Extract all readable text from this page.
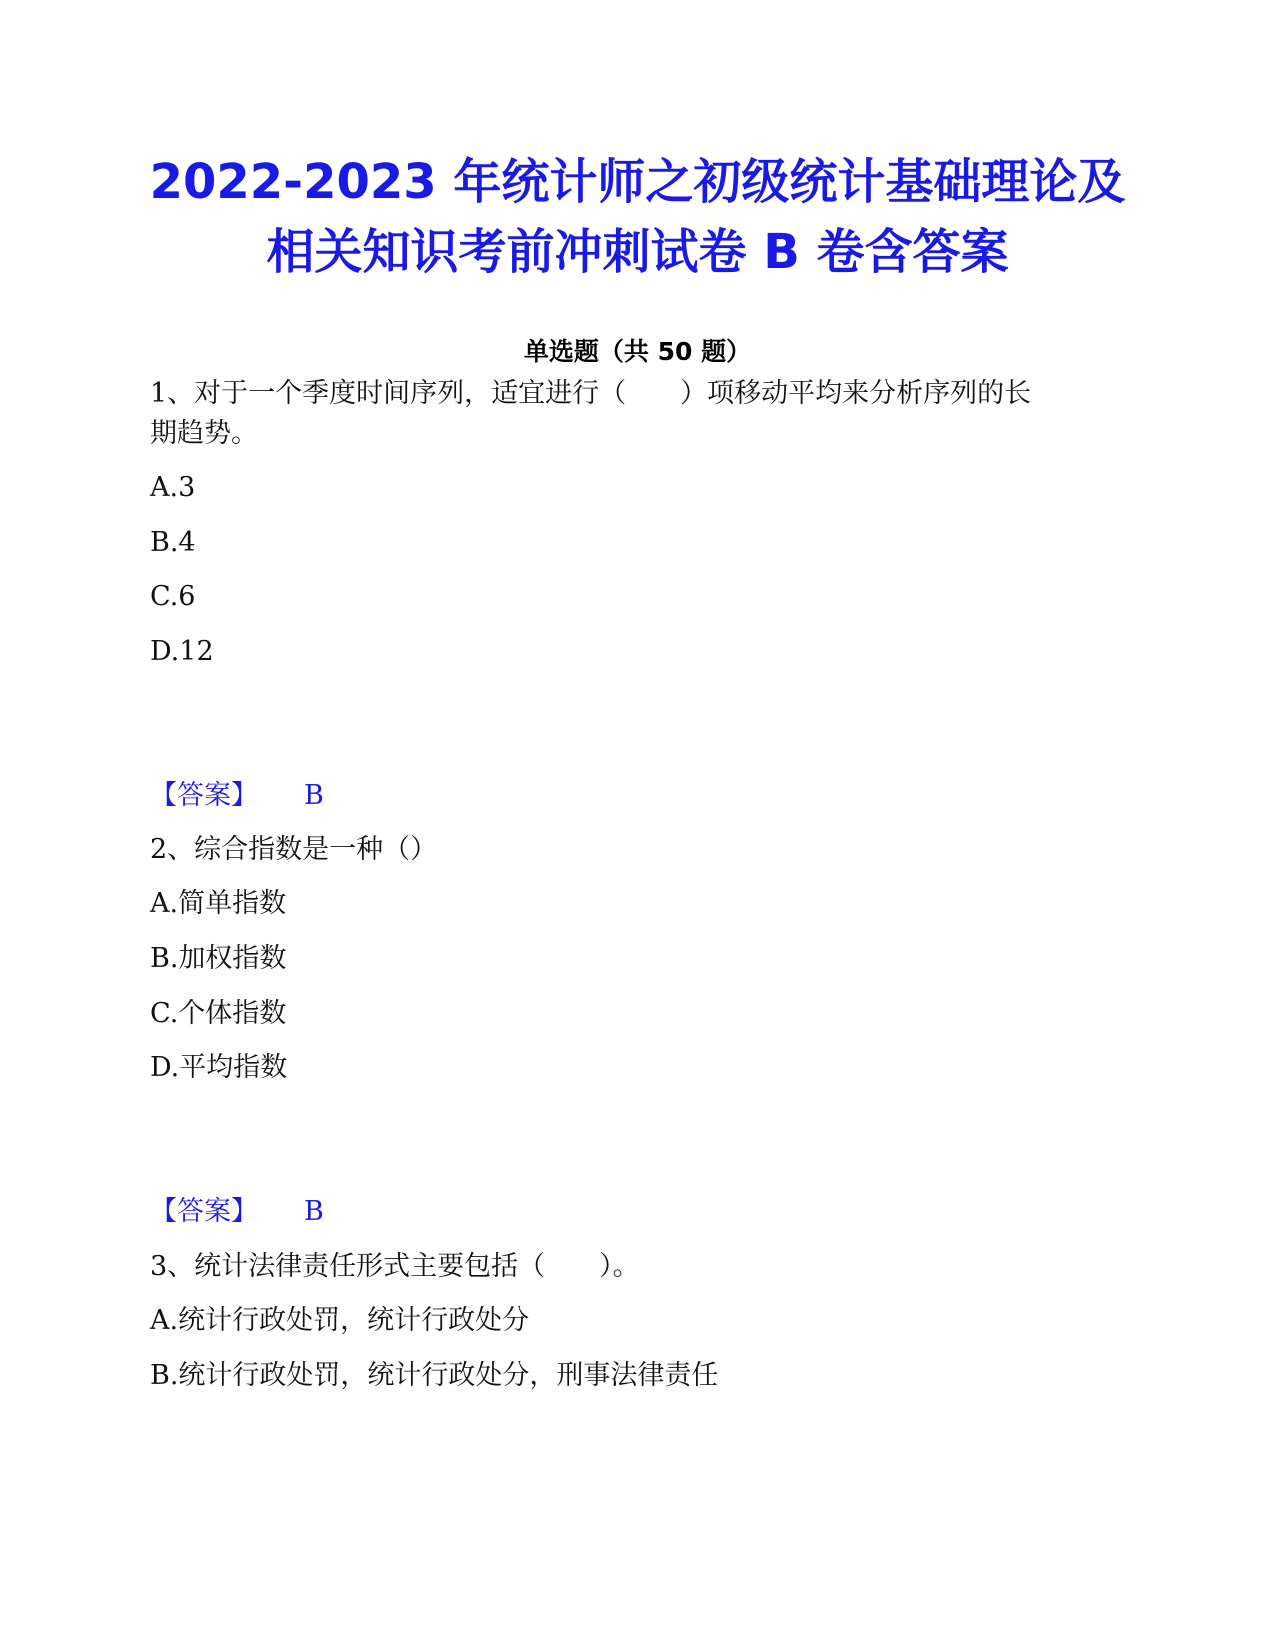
2022-2023 年统计师之初级统计基础理论及
相关知识考前冲刺试卷 B 卷含答案
单选题（共 50 题）
1、对于一个季度时间序列，适宜进行（　　）项移动平均来分析序列的长
期趋势。
A.3
B.4
C.6
D.12
【答案】 B
2、综合指数是一种（）
A.简单指数
B.加权指数
C.个体指数
D.平均指数
【答案】 B
3、统计法律责任形式主要包括（　　）。
A.统计行政处罚，统计行政处分
B.统计行政处罚，统计行政处分，刑事法律责任
